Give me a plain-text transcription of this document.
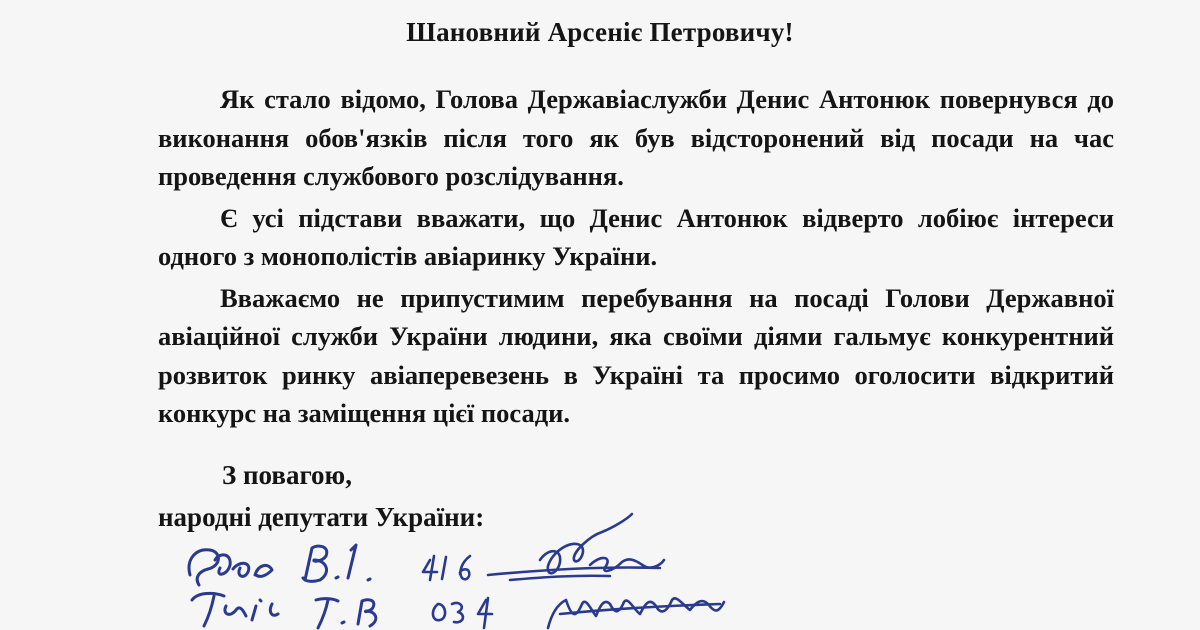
Шановний Арсеніє Петровичу!

Як стало відомо, Голова Державіаслужби Денис Антонюк повернувся до виконання обов'язків після того як був відсторонений від посади на час проведення службового розслідування.

Є усі підстави вважати, що Денис Антонюк відверто лобіює інтереси одного з монополістів авіаринку України.

Вважаємо не припустимим перебування на посаді Голови Державної авіаційної служби України людини, яка своїми діями гальмує конкурентний розвиток ринку авіаперевезень в Україні та просимо оголосити відкритий конкурс на заміщення цієї посади.

З повагою,
народні депутати України:
